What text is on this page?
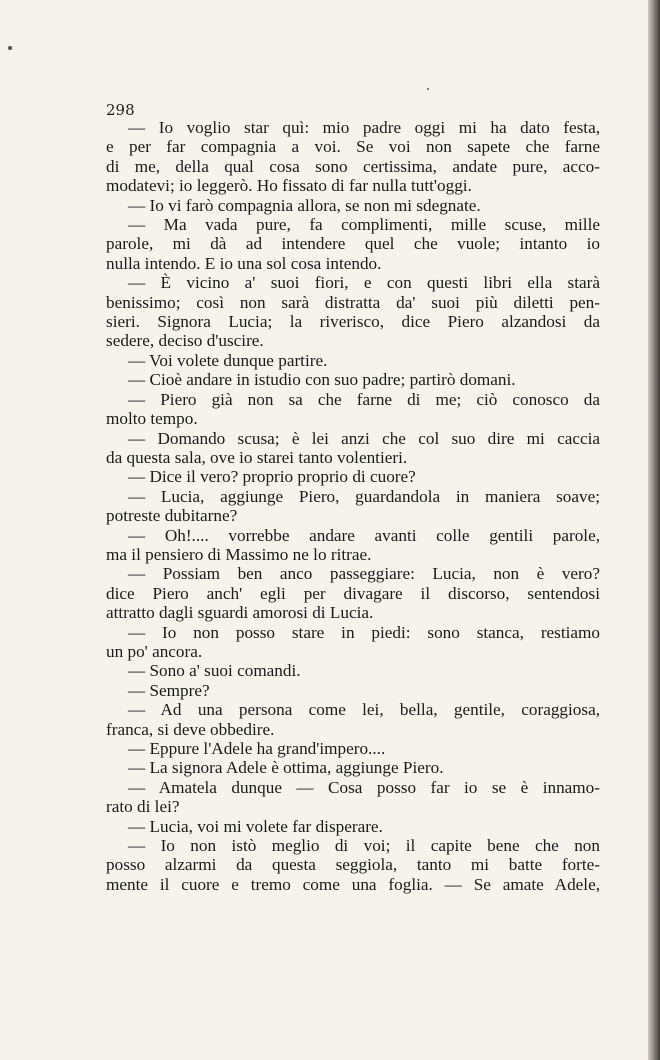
298
— Io voglio star quì: mio padre oggi mi ha dato festa,
e per far compagnia a voi. Se voi non sapete che farne
di me, della qual cosa sono certissima, andate pure, acco-
modatevi; io leggerò. Ho fissato di far nulla tutt'oggi.
— Io vi farò compagnia allora, se non mi sdegnate.
— Ma vada pure, fa complimenti, mille scuse, mille
parole, mi dà ad intendere quel che vuole; intanto io
nulla intendo. E io una sol cosa intendo.
— È vicino a' suoi fiori, e con questi libri ella starà
benissimo; così non sarà distratta da' suoi più diletti pen-
sieri. Signora Lucia; la riverisco, dice Piero alzandosi da
sedere, deciso d'uscire.
— Voi volete dunque partire.
— Cioè andare in istudio con suo padre; partirò domani.
— Piero già non sa che farne di me; ciò conosco da
molto tempo.
— Domando scusa; è lei anzi che col suo dire mi caccia
da questa sala, ove io starei tanto volentieri.
— Dice il vero? proprio proprio di cuore?
— Lucia, aggiunge Piero, guardandola in maniera soave;
potreste dubitarne?
— Oh!.... vorrebbe andare avanti colle gentili parole,
ma il pensiero di Massimo ne lo ritrae.
— Possiam ben anco passeggiare: Lucia, non è vero?
dice Piero anch' egli per divagare il discorso, sentendosi
attratto dagli sguardi amorosi di Lucia.
— Io non posso stare in piedi: sono stanca, restiamo
un po' ancora.
— Sono a' suoi comandi.
— Sempre?
— Ad una persona come lei, bella, gentile, coraggiosa,
franca, si deve obbedire.
— Eppure l'Adele ha grand'impero....
— La signora Adele è ottima, aggiunge Piero.
— Amatela dunque — Cosa posso far io se è innamo-
rato di lei?
— Lucia, voi mi volete far disperare.
— Io non istò meglio di voi; il capite bene che non
posso alzarmi da questa seggiola, tanto mi batte forte-
mente il cuore e tremo come una foglia. — Se amate Adele,
